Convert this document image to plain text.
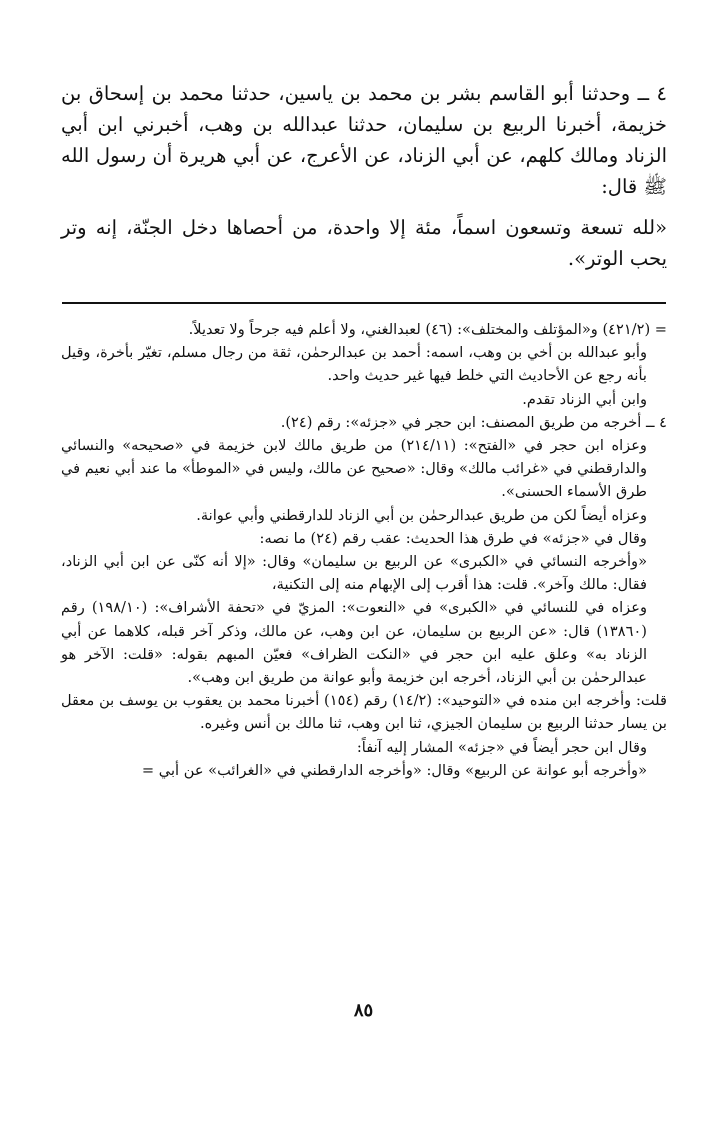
٤ ــ وحدثنا أبو القاسم بشر بن محمد بن ياسين، حدثنا محمد بن إسحاق بن خزيمة، أخبرنا الربيع بن سليمان، حدثنا عبدالله بن وهب، أخبرني ابن أبي الزناد ومالك كلهم، عن أبي الزناد، عن الأعرج، عن أبي هريرة أن رسول الله ﷺ قال:

«لله تسعة وتسعون اسماً، مئة إلا واحدة، من أحصاها دخل الجنّة، إنه وتر يحب الوتر».

= (٤٢١/٢) و«المؤتلف والمختلف»: (٤٦) لعبدالغني، ولا أعلم فيه جرحاً ولا تعديلاً.

وأبو عبدالله بن أخي بن وهب، اسمه: أحمد بن عبدالرحمٰن، ثقة من رجال مسلم، تغيّر بأخرة، وقيل بأنه رجع عن الأحاديث التي خلط فيها غير حديث واحد.

وابن أبي الزناد تقدم.

٤ ــ أخرجه من طريق المصنف: ابن حجر في «جزئه»: رقم (٢٤).

وعزاه ابن حجر في «الفتح»: (٢١٤/١١) من طريق مالك لابن خزيمة في «صحيحه» والنسائي والدارقطني في «غرائب مالك» وقال: «صحيح عن مالك، وليس في «الموطأ» ما عند أبي نعيم في طرق الأسماء الحسنى».

وعزاه أيضاً لكن من طريق عبدالرحمٰن بن أبي الزناد للدارقطني وأبي عوانة.

وقال في «جزئه» في طرق هذا الحديث: عقب رقم (٢٤) ما نصه:

«وأخرجه النسائي في «الكبرى» عن الربيع بن سليمان» وقال: «إلا أنه كنّى عن ابن أبي الزناد، فقال: مالك وآخر». قلت: هذا أقرب إلى الإبهام منه إلى التكنية،

وعزاه في للنسائي في «الكبرى» في «النعوت»: المزيّ في «تحفة الأشراف»: (١٩٨/١٠) رقم (١٣٨٦٠) قال: «عن الربيع بن سليمان، عن ابن وهب، عن مالك، وذكر آخر قبله، كلاهما عن أبي الزناد به» وعلق عليه ابن حجر في «النكت الظراف» فعيّن المبهم بقوله: «قلت: الآخر هو عبدالرحمٰن بن أبي الزناد، أخرجه ابن خزيمة وأبو عوانة من طريق ابن وهب».

قلت: وأخرجه ابن منده في «التوحيد»: (١٤/٢) رقم (١٥٤) أخبرنا محمد بن يعقوب بن يوسف بن معقل بن يسار حدثنا الربيع بن سليمان الجيزي، ثنا ابن وهب، ثنا مالك بن أنس وغيره.

وقال ابن حجر أيضاً في «جزئه» المشار إليه آنفاً:

«وأخرجه أبو عوانة عن الربيع» وقال: «وأخرجه الدارقطني في «الغرائب» عن أبي =

٨٥
